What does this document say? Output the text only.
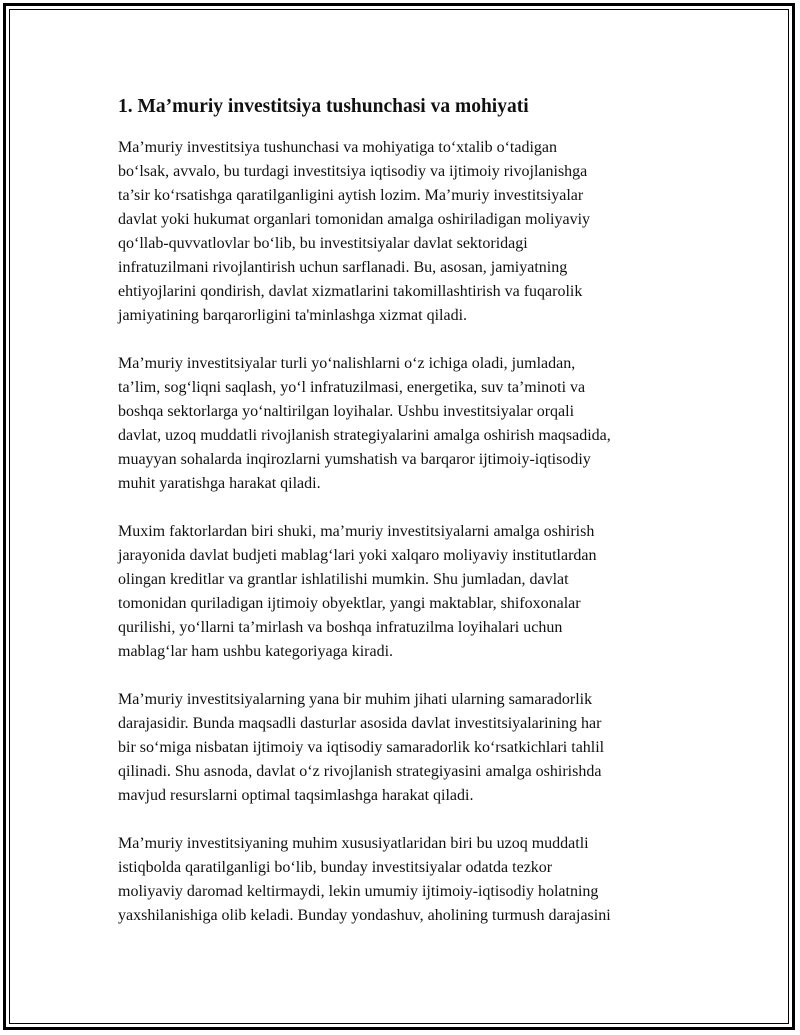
1. Ma’muriy investitsiya tushunchasi va mohiyati

Ma’muriy investitsiya tushunchasi va mohiyatiga to‘xtalib o‘tadigan
bo‘lsak, avvalo, bu turdagi investitsiya iqtisodiy va ijtimoiy rivojlanishga
ta’sir ko‘rsatishga qaratilganligini aytish lozim. Ma’muriy investitsiyalar
davlat yoki hukumat organlari tomonidan amalga oshiriladigan moliyaviy
qo‘llab-quvvatlovlar bo‘lib, bu investitsiyalar davlat sektoridagi
infratuzilmani rivojlantirish uchun sarflanadi. Bu, asosan, jamiyatning
ehtiyojlarini qondirish, davlat xizmatlarini takomillashtirish va fuqarolik
jamiyatining barqarorligini ta'minlashga xizmat qiladi.

Ma’muriy investitsiyalar turli yo‘nalishlarni o‘z ichiga oladi, jumladan,
ta’lim, sog‘liqni saqlash, yo‘l infratuzilmasi, energetika, suv ta’minoti va
boshqa sektorlarga yo‘naltirilgan loyihalar. Ushbu investitsiyalar orqali
davlat, uzoq muddatli rivojlanish strategiyalarini amalga oshirish maqsadida,
muayyan sohalarda inqirozlarni yumshatish va barqaror ijtimoiy-iqtisodiy
muhit yaratishga harakat qiladi.

Muxim faktorlardan biri shuki, ma’muriy investitsiyalarni amalga oshirish
jarayonida davlat budjeti mablag‘lari yoki xalqaro moliyaviy institutlardan
olingan kreditlar va grantlar ishlatilishi mumkin. Shu jumladan, davlat
tomonidan quriladigan ijtimoiy obyektlar, yangi maktablar, shifoxonalar
qurilishi, yo‘llarni ta’mirlash va boshqa infratuzilma loyihalari uchun
mablag‘lar ham ushbu kategoriyaga kiradi.

Ma’muriy investitsiyalarning yana bir muhim jihati ularning samaradorlik
darajasidir. Bunda maqsadli dasturlar asosida davlat investitsiyalarining har
bir so‘miga nisbatan ijtimoiy va iqtisodiy samaradorlik ko‘rsatkichlari tahlil
qilinadi. Shu asnoda, davlat o‘z rivojlanish strategiyasini amalga oshirishda
mavjud resurslarni optimal taqsimlashga harakat qiladi.

Ma’muriy investitsiyaning muhim xususiyatlaridan biri bu uzoq muddatli
istiqbolda qaratilganligi bo‘lib, bunday investitsiyalar odatda tezkor
moliyaviy daromad keltirmaydi, lekin umumiy ijtimoiy-iqtisodiy holatning
yaxshilanishiga olib keladi. Bunday yondashuv, aholining turmush darajasini
